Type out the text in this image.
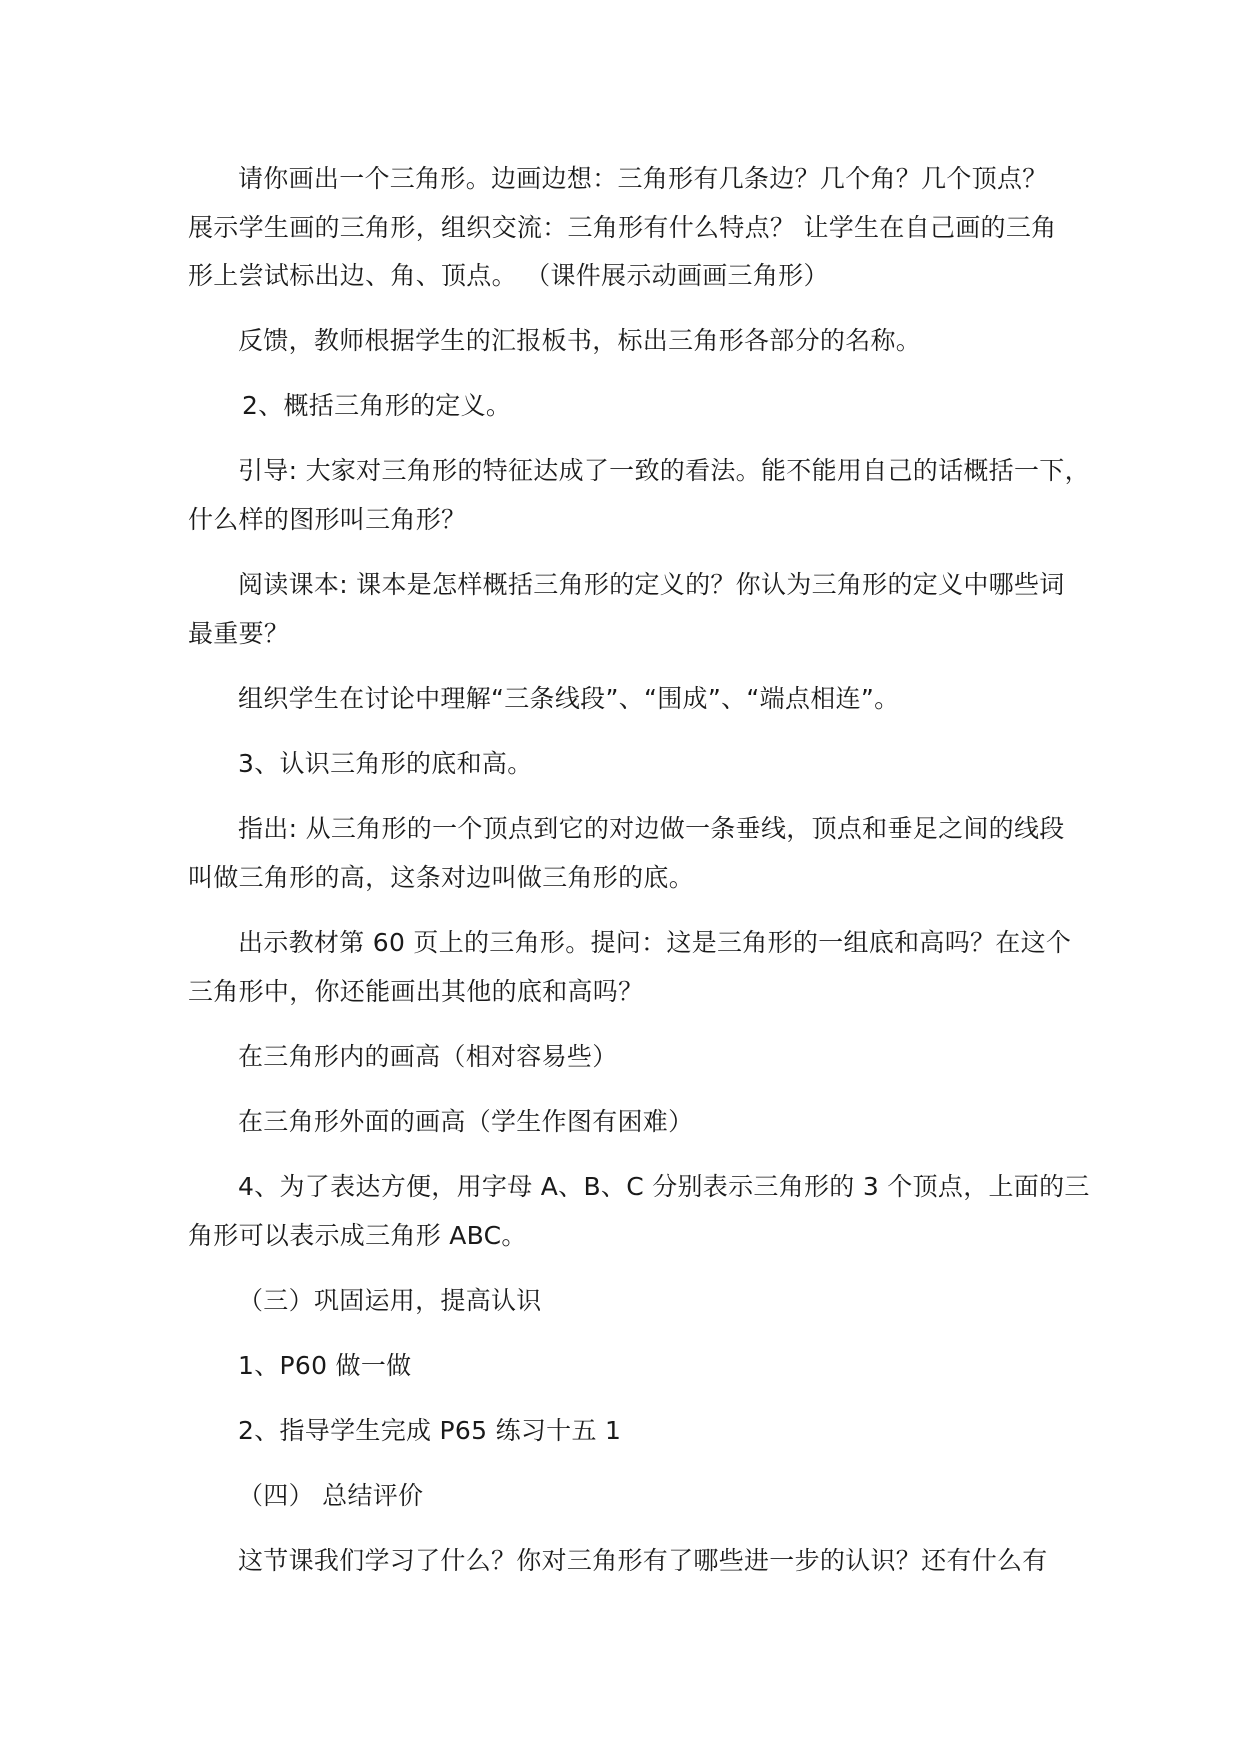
请你画出一个三角形。边画边想：三角形有几条边？几个角？几个顶点？
展示学生画的三角形，组织交流：三角形有什么特点？ 让学生在自己画的三角
形上尝试标出边、角、顶点。 （课件展示动画画三角形）
反馈，教师根据学生的汇报板书，标出三角形各部分的名称。
2、概括三角形的定义。
引导: 大家对三角形的特征达成了一致的看法。能不能用自己的话概括一下，
什么样的图形叫三角形？
阅读课本: 课本是怎样概括三角形的定义的？你认为三角形的定义中哪些词
最重要？
组织学生在讨论中理解“三条线段”、“围成”、“端点相连”。
3、认识三角形的底和高。
指出: 从三角形的一个顶点到它的对边做一条垂线，顶点和垂足之间的线段
叫做三角形的高，这条对边叫做三角形的底。
出示教材第 60 页上的三角形。提问：这是三角形的一组底和高吗？在这个
三角形中，你还能画出其他的底和高吗？
在三角形内的画高（相对容易些）
在三角形外面的画高（学生作图有困难）
4、为了表达方便，用字母 A、B、C 分别表示三角形的 3 个顶点，上面的三
角形可以表示成三角形 ABC。
（三）巩固运用，提高认识
1、P60 做一做
2、指导学生完成 P65 练习十五 1
（四） 总结评价
这节课我们学习了什么？你对三角形有了哪些进一步的认识？还有什么有
